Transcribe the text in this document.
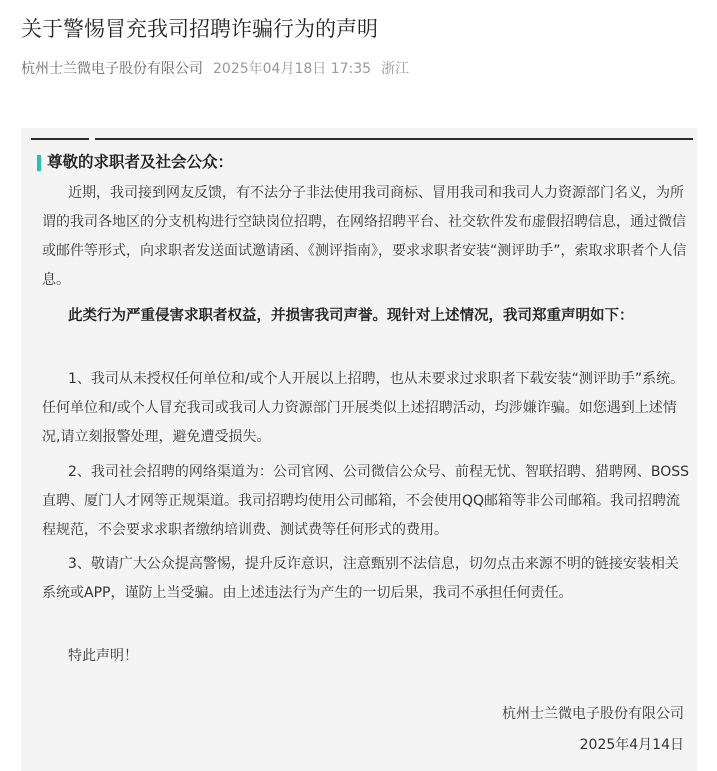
关于警惕冒充我司招聘诈骗行为的声明
杭州士兰微电子股份有限公司 2025年04月18日 17:35 浙江
尊敬的求职者及社会公众：

近期，我司接到网友反馈，有不法分子非法使用我司商标、冒用我司和我司人力资源部门名义，为所谓的我司各地区的分支机构进行空缺岗位招聘，在网络招聘平台、社交软件发布虚假招聘信息，通过微信或邮件等形式，向求职者发送面试邀请函、《测评指南》，要求求职者安装“测评助手”，索取求职者个人信息。

此类行为严重侵害求职者权益，并损害我司声誉。现针对上述情况，我司郑重声明如下：

1、我司从未授权任何单位和/或个人开展以上招聘，也从未要求过求职者下载安装“测评助手”系统。任何单位和/或个人冒充我司或我司人力资源部门开展类似上述招聘活动，均涉嫌诈骗。如您遇到上述情况,请立刻报警处理，避免遭受损失。

2、我司社会招聘的网络渠道为：公司官网、公司微信公众号、前程无忧、智联招聘、猎聘网、BOSS直聘、厦门人才网等正规渠道。我司招聘均使用公司邮箱，不会使用QQ邮箱等非公司邮箱。我司招聘流程规范，不会要求求职者缴纳培训费、测试费等任何形式的费用。

3、敬请广大公众提高警惕，提升反诈意识，注意甄别不法信息，切勿点击来源不明的链接安装相关系统或APP，谨防上当受骗。由上述违法行为产生的一切后果，我司不承担任何责任。

特此声明！

杭州士兰微电子股份有限公司
2025年4月14日
